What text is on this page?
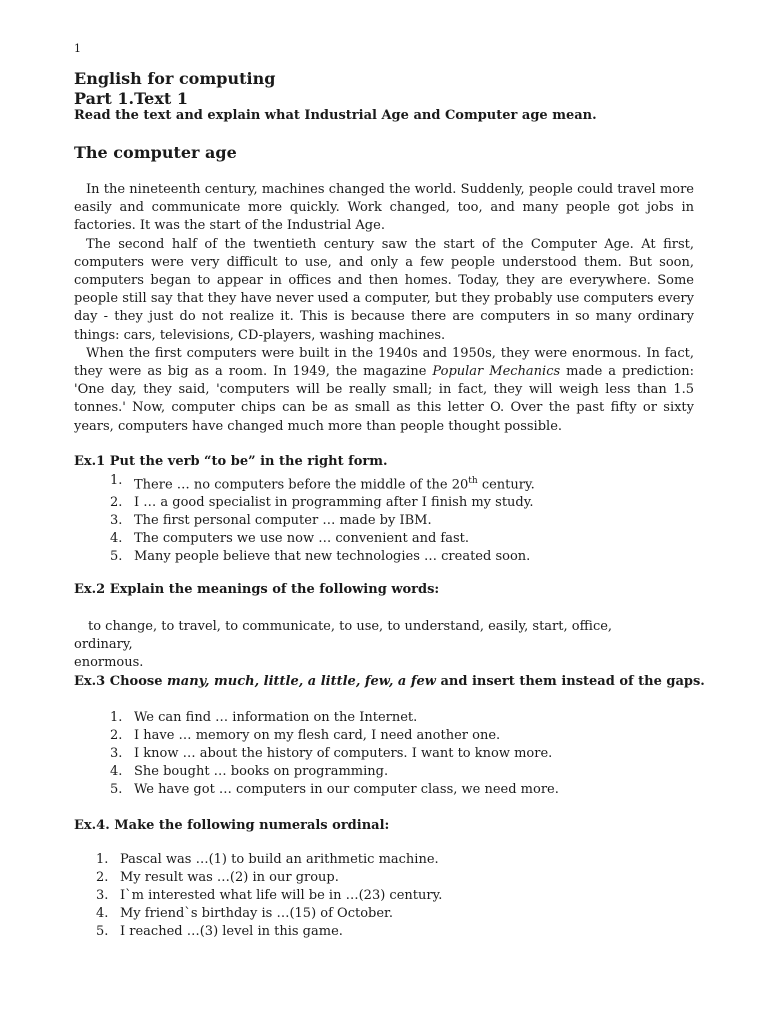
1
English for computing
Part 1.Text 1
Read the text and explain what Industrial Age and Computer age mean.
The computer age

In the nineteenth century, machines changed the world. Suddenly, people could travel more easily and communicate more quickly. Work changed, too, and many people got jobs in factories. It was the start of the Industrial Age.

The second half of the twentieth century saw the start of the Computer Age. At first, computers were very difficult to use, and only a few people understood them. But soon, computers began to appear in offices and then homes. Today, they are everywhere. Some people still say that they have never used a computer, but they probably use computers every day - they just do not realize it. This is because there are computers in so many ordinary things: cars, televisions, CD-players, washing machines.

When the first computers were built in the 1940s and 1950s, they were enormous. In fact, they were as big as a room. In 1949, the magazine Popular Mechanics made a prediction: 'One day, they said, 'computers will be really small; in fact, they will weigh less than 1.5 tonnes.' Now, computer chips can be as small as this letter O. Over the past fifty or sixty years, computers have changed much more than people thought possible.

Ex.1 Put the verb “to be” in the right form.
1. There … no computers before the middle of the 20th century.
2. I … a good specialist in programming after I finish my study.
3. The first personal computer … made by IBM.
4. The computers we use now … convenient and fast.
5. Many people believe that new technologies … created soon.
Ex.2 Explain the meanings of the following words:
to change, to travel, to communicate, to use, to understand, easily, start, office, ordinary,
enormous.
Ex.3 Choose many, much, little, a little, few, a few and insert them instead of the gaps.
1. We can find … information on the Internet.
2. I have … memory on my flesh card, I need another one.
3. I know … about the history of computers. I want to know more.
4. She bought … books on programming.
5. We have got … computers in our computer class, we need more.
Ex.4. Make the following numerals ordinal:
1. Pascal was …(1) to build an arithmetic machine.
2. My result was …(2) in our group.
3. I`m interested what life will be in …(23) century.
4. My friend`s birthday is …(15) of October.
5. I reached …(3) level in this game.
